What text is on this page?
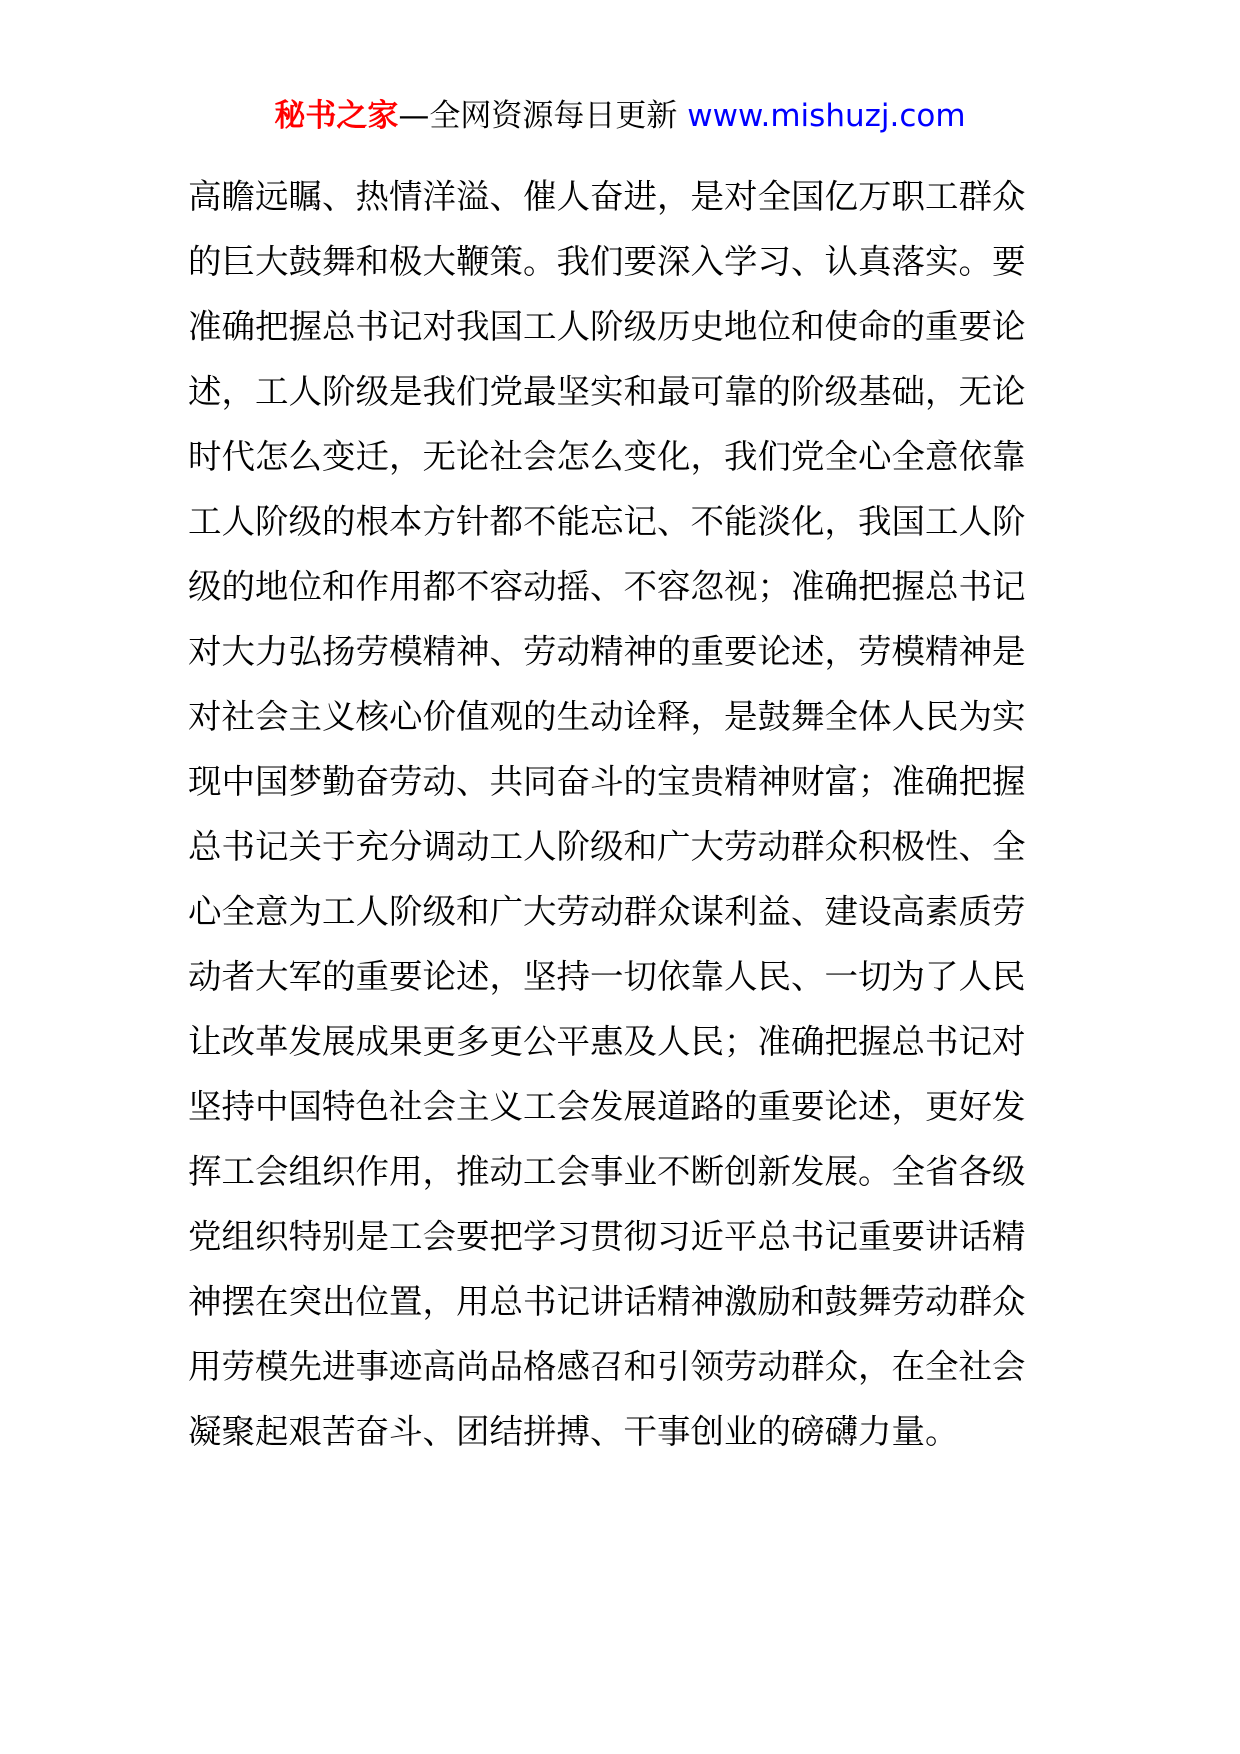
秘书之家—全网资源每日更新 www.mishuzj.com
高瞻远瞩、热情洋溢、催人奋进，是对全国亿万职工群众
的巨大鼓舞和极大鞭策。我们要深入学习、认真落实。要
准确把握总书记对我国工人阶级历史地位和使命的重要论
述，工人阶级是我们党最坚实和最可靠的阶级基础，无论
时代怎么变迁，无论社会怎么变化，我们党全心全意依靠
工人阶级的根本方针都不能忘记、不能淡化，我国工人阶
级的地位和作用都不容动摇、不容忽视；准确把握总书记
对大力弘扬劳模精神、劳动精神的重要论述，劳模精神是
对社会主义核心价值观的生动诠释，是鼓舞全体人民为实
现中国梦勤奋劳动、共同奋斗的宝贵精神财富；准确把握
总书记关于充分调动工人阶级和广大劳动群众积极性、全
心全意为工人阶级和广大劳动群众谋利益、建设高素质劳
动者大军的重要论述，坚持一切依靠人民、一切为了人民
让改革发展成果更多更公平惠及人民；准确把握总书记对
坚持中国特色社会主义工会发展道路的重要论述，更好发
挥工会组织作用，推动工会事业不断创新发展。全省各级
党组织特别是工会要把学习贯彻习近平总书记重要讲话精
神摆在突出位置，用总书记讲话精神激励和鼓舞劳动群众
用劳模先进事迹高尚品格感召和引领劳动群众，在全社会
凝聚起艰苦奋斗、团结拼搏、干事创业的磅礴力量。
